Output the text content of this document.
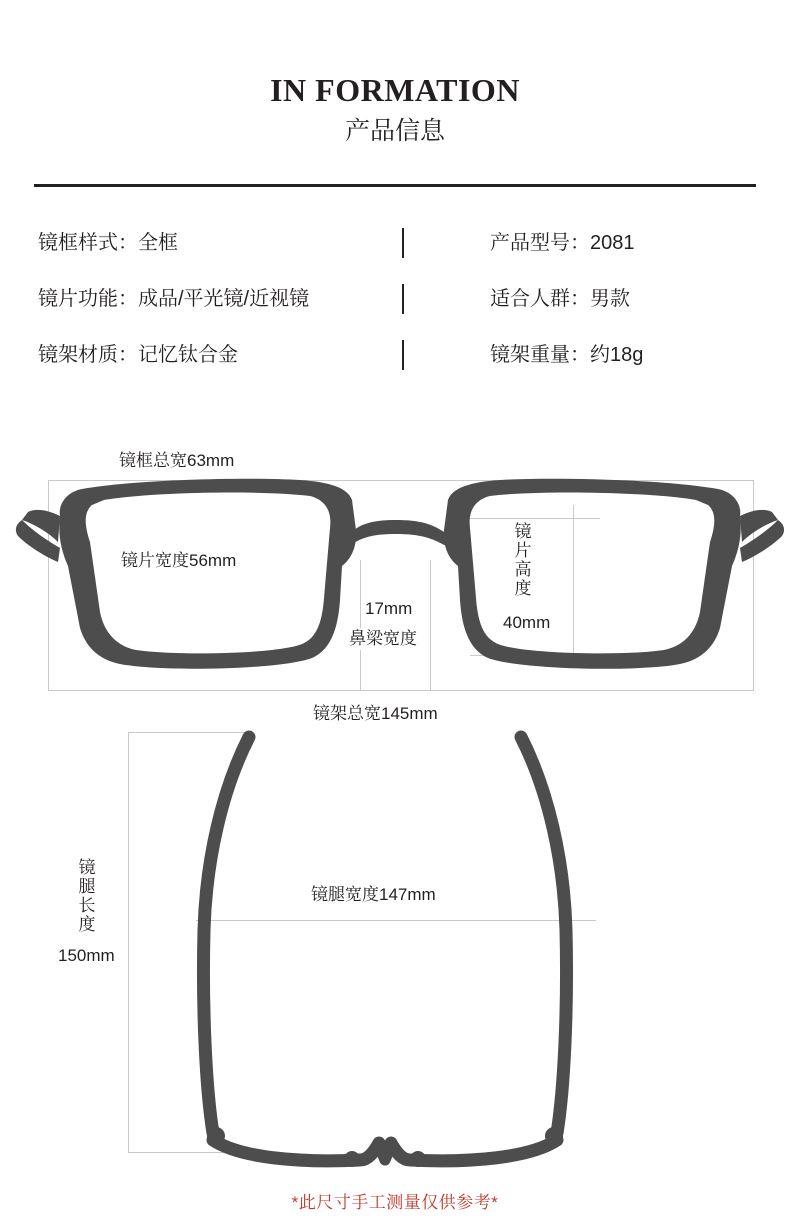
IN FORMATION
产品信息
镜框样式：全框	产品型号：2081
镜片功能：成品/平光镜/近视镜	适合人群：男款
镜架材质：记忆钛合金	镜架重量：约18g
镜框总宽63mm
镜片宽度56mm
17mm
鼻梁宽度
镜片高度
40mm
镜架总宽145mm
镜腿长度
150mm
镜腿宽度147mm
*此尺寸手工测量仅供参考*
